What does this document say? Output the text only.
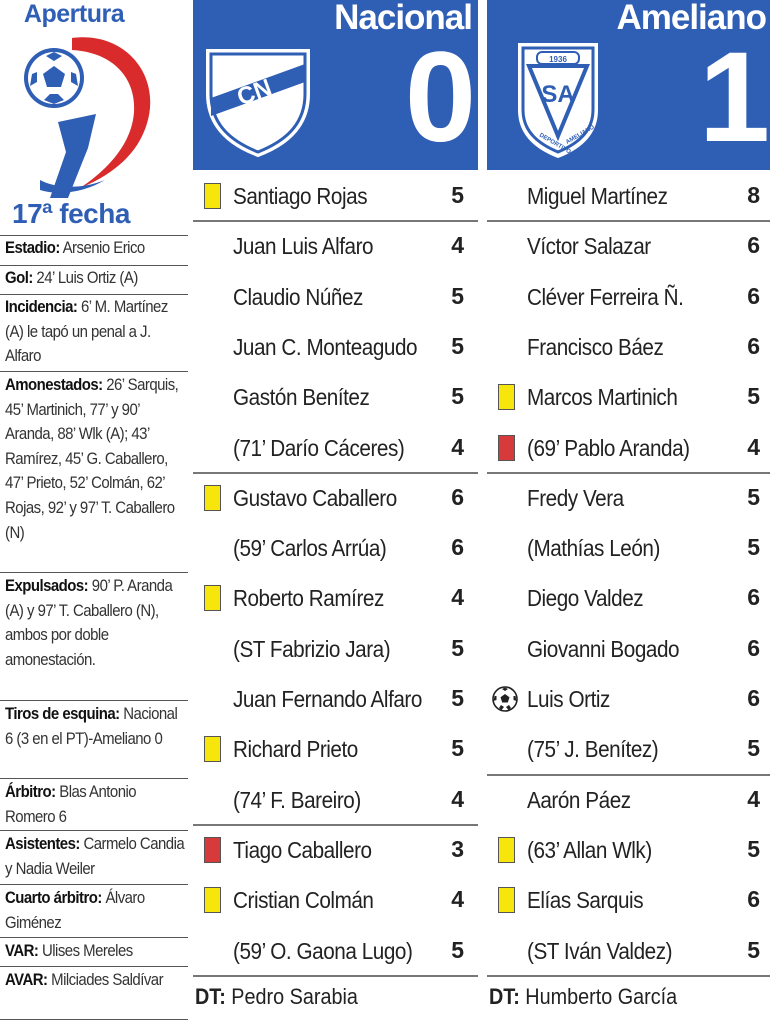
Apertura
17ª fecha
Estadio: Arsenio Erico
Gol: 24’ Luis Ortiz (A)
Incidencia: 6’ M. Martínez (A) le tapó un penal a J. Alfaro
Amonestados: 26’ Sarquis, 45’ Martinich, 77’ y 90’ Aranda, 88’ Wlk (A); 43’ Ramírez, 45’ G. Caballero, 47’ Prieto, 52’ Colmán, 62’ Rojas, 92’ y 97’ T. Caballero (N)
Expulsados: 90’ P. Aranda (A) y 97’ T. Caballero (N), ambos por doble amonestación.
Tiros de esquina: Nacional 6 (3 en el PT)-Ameliano 0
Árbitro: Blas Antonio Romero 6
Asistentes: Carmelo Candia y Nadia Weiler
Cuarto árbitro: Álvaro Giménez
VAR: Ulises Mereles
AVAR: Milciades Saldívar
Nacional
CN 0
Santiago Rojas	5
Juan Luis Alfaro	4
Claudio Núñez	5
Juan C. Monteagudo 5
Gastón Benítez	5
(71’ Darío Cáceres) 4
Gustavo Caballero 6
(59’ Carlos Arrúa)	6
Roberto Ramírez	4
(ST Fabrizio Jara)	5
Juan Fernando Alfaro 5
Richard Prieto	5
(74’ F. Bareiro)	4
Tiago Caballero	3
Cristian Colmán	4
(59’ O. Gaona Lugo) 5
DT: Pedro Sarabia
Ameliano
1936
SA
DEPORTIVO
AMELIANO 1
Miguel Martínez	8
Víctor Salazar	6
Cléver Ferreira Ñ.	6
Francisco Báez	6
Marcos Martinich	5
(69’ Pablo Aranda)	4
Fredy Vera	5
(Mathías León)	5
Diego Valdez	6
Giovanni Bogado	6
Luis Ortiz	6
(75’ J. Benítez)	5
Aarón Páez	4
(63’ Allan Wlk)	5
Elías Sarquis	6
(ST Iván Valdez)	5
DT: Humberto García
